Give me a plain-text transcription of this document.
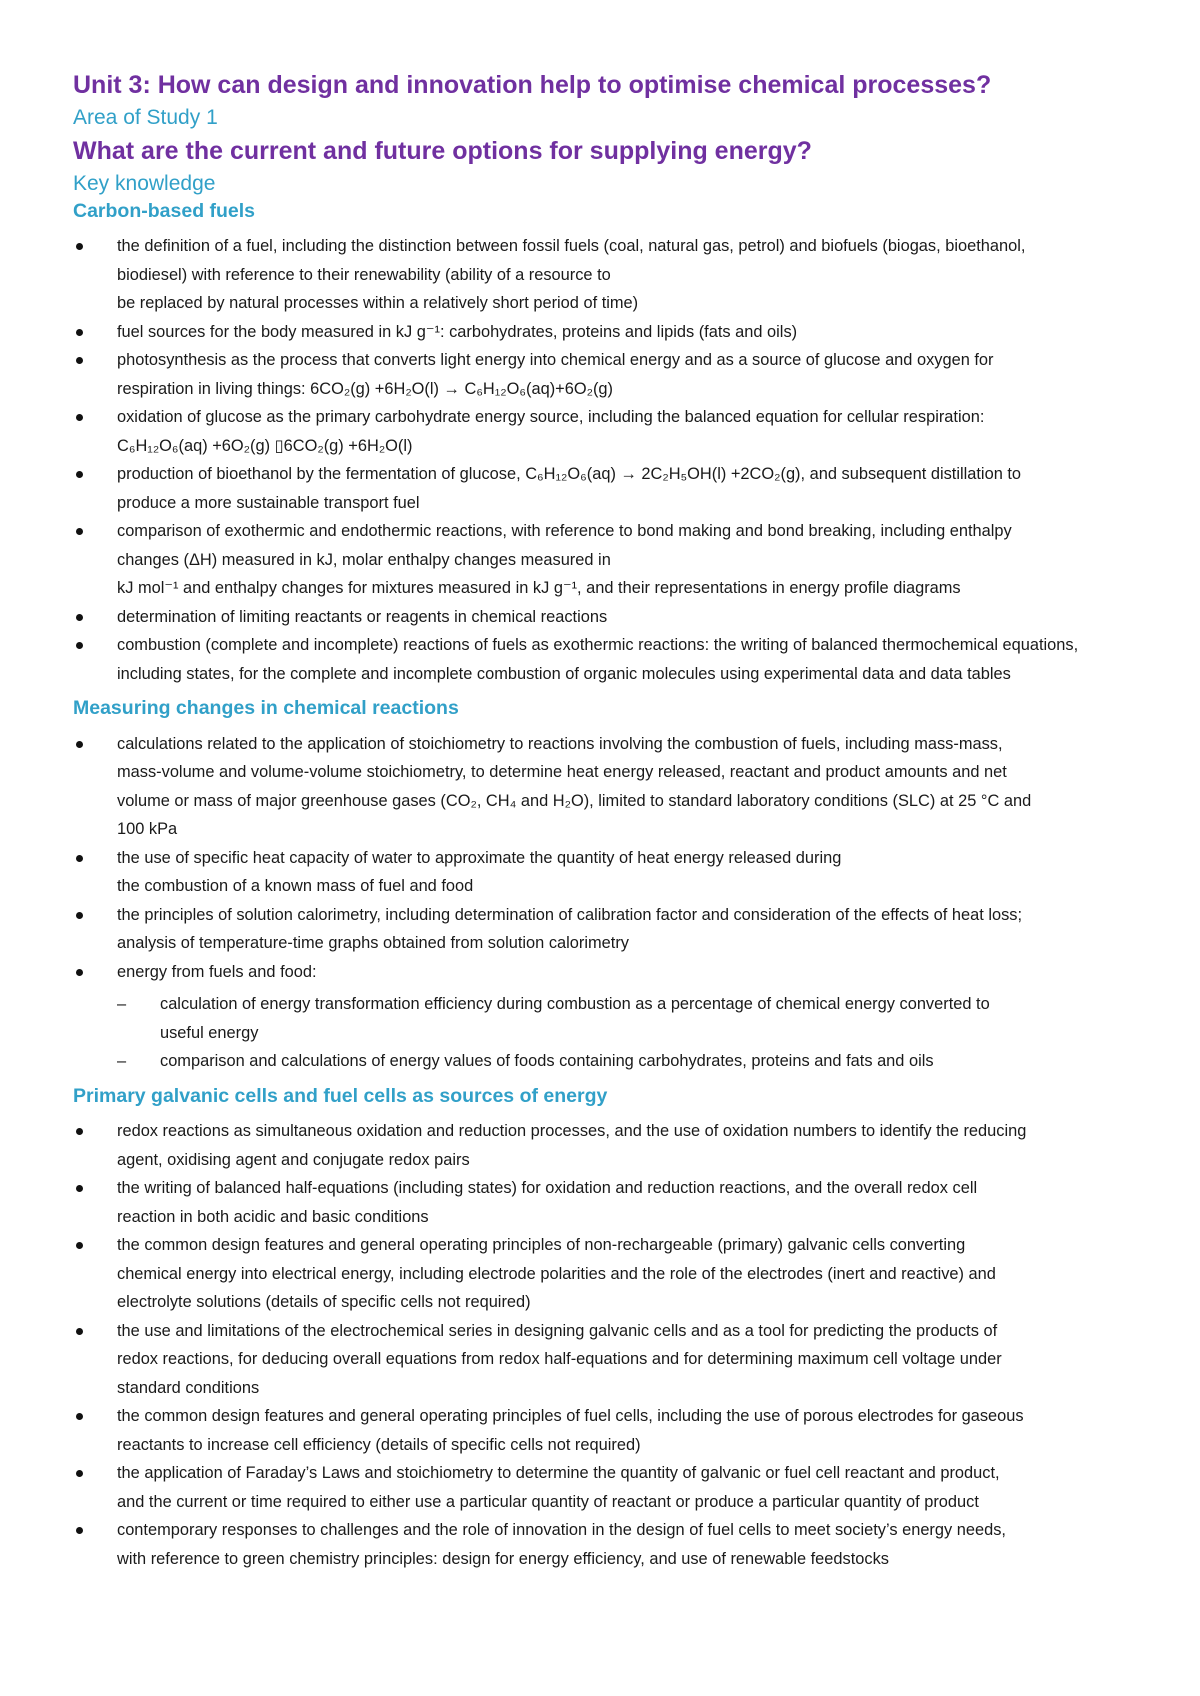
Unit 3: How can design and innovation help to optimise chemical processes?
Area of Study 1
What are the current and future options for supplying energy?
Key knowledge
Carbon-based fuels
the definition of a fuel, including the distinction between fossil fuels (coal, natural gas, petrol) and biofuels (biogas, bioethanol,
biodiesel) with reference to their renewability (ability of a resource to
be replaced by natural processes within a relatively short period of time)
fuel sources for the body measured in kJ g⁻¹: carbohydrates, proteins and lipids (fats and oils)
photosynthesis as the process that converts light energy into chemical energy and as a source of glucose and oxygen for
respiration in living things: 6CO₂(g) +6H₂O(l) → C₆H₁₂O₆(aq)+6O₂(g)
oxidation of glucose as the primary carbohydrate energy source, including the balanced equation for cellular respiration:
C₆H₁₂O₆(aq) +6O₂(g) ▯6CO₂(g) +6H₂O(l)
production of bioethanol by the fermentation of glucose, C₆H₁₂O₆(aq) → 2C₂H₅OH(l) +2CO₂(g), and subsequent distillation to
produce a more sustainable transport fuel
comparison of exothermic and endothermic reactions, with reference to bond making and bond breaking, including enthalpy
changes (ΔH) measured in kJ, molar enthalpy changes measured in
kJ mol⁻¹ and enthalpy changes for mixtures measured in kJ g⁻¹, and their representations in energy profile diagrams
determination of limiting reactants or reagents in chemical reactions
combustion (complete and incomplete) reactions of fuels as exothermic reactions: the writing of balanced thermochemical equations,
including states, for the complete and incomplete combustion of organic molecules using experimental data and data tables
Measuring changes in chemical reactions
calculations related to the application of stoichiometry to reactions involving the combustion of fuels, including mass-mass,
mass-volume and volume-volume stoichiometry, to determine heat energy released, reactant and product amounts and net
volume or mass of major greenhouse gases (CO₂, CH₄ and H₂O), limited to standard laboratory conditions (SLC) at 25 °C and
100 kPa
the use of specific heat capacity of water to approximate the quantity of heat energy released during
the combustion of a known mass of fuel and food
the principles of solution calorimetry, including determination of calibration factor and consideration of the effects of heat loss;
analysis of temperature-time graphs obtained from solution calorimetry
energy from fuels and food:
– calculation of energy transformation efficiency during combustion as a percentage of chemical energy converted to
useful energy
– comparison and calculations of energy values of foods containing carbohydrates, proteins and fats and oils
Primary galvanic cells and fuel cells as sources of energy
redox reactions as simultaneous oxidation and reduction processes, and the use of oxidation numbers to identify the reducing
agent, oxidising agent and conjugate redox pairs
the writing of balanced half-equations (including states) for oxidation and reduction reactions, and the overall redox cell
reaction in both acidic and basic conditions
the common design features and general operating principles of non-rechargeable (primary) galvanic cells converting
chemical energy into electrical energy, including electrode polarities and the role of the electrodes (inert and reactive) and
electrolyte solutions (details of specific cells not required)
the use and limitations of the electrochemical series in designing galvanic cells and as a tool for predicting the products of
redox reactions, for deducing overall equations from redox half-equations and for determining maximum cell voltage under
standard conditions
the common design features and general operating principles of fuel cells, including the use of porous electrodes for gaseous
reactants to increase cell efficiency (details of specific cells not required)
the application of Faraday’s Laws and stoichiometry to determine the quantity of galvanic or fuel cell reactant and product,
and the current or time required to either use a particular quantity of reactant or produce a particular quantity of product
contemporary responses to challenges and the role of innovation in the design of fuel cells to meet society’s energy needs,
with reference to green chemistry principles: design for energy efficiency, and use of renewable feedstocks
